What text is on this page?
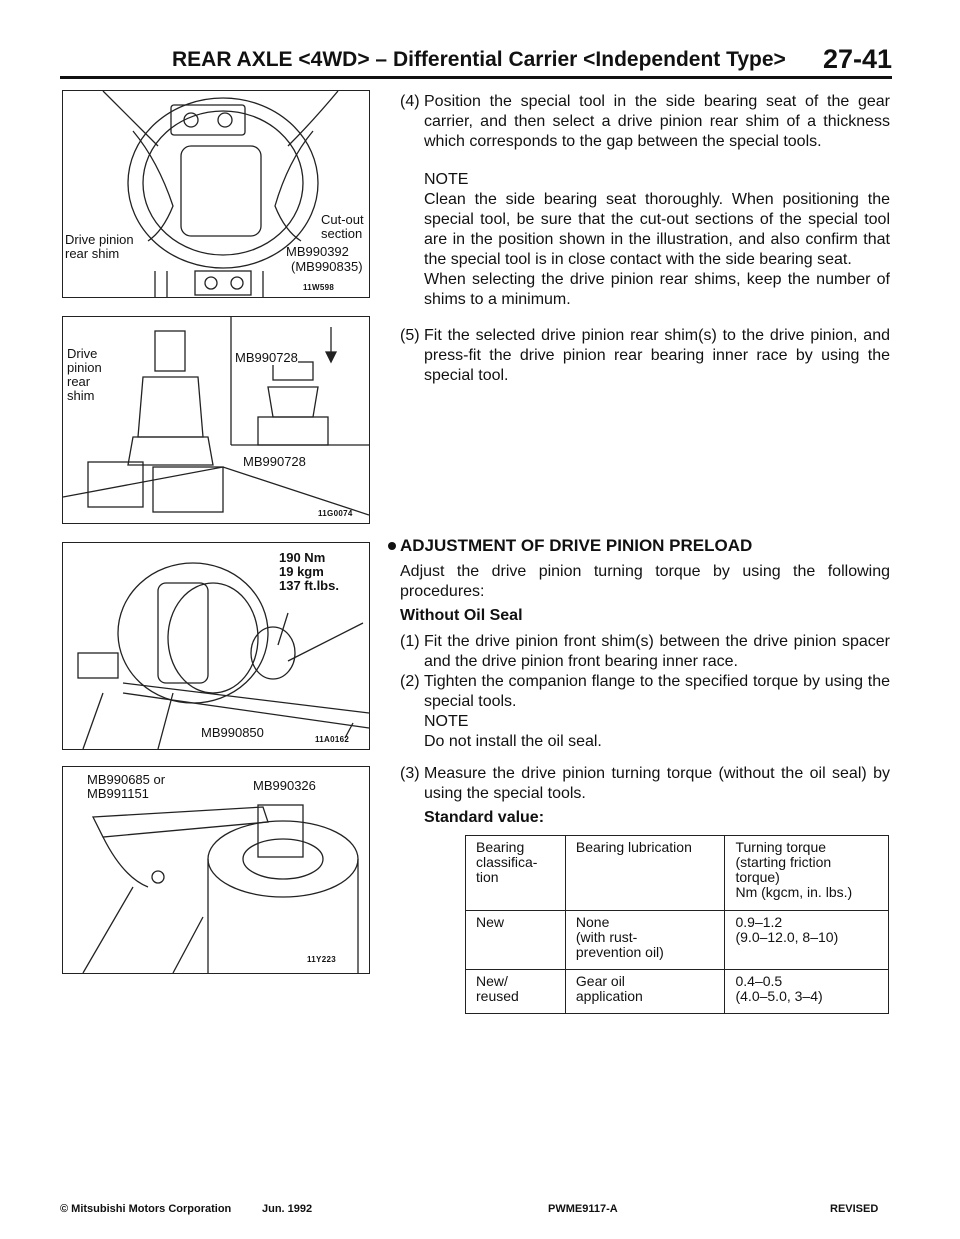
REAR AXLE <4WD> – Differential Carrier <Independent Type> 27-41
Drive pinion
rear shim
Cut-out
section
MB990392
(MB990835)
11W598
Drive
pinion
rear
shim
MB990728
MB990728
11G0074
190 Nm
19 kgm
137 ft.lbs.
MB990850	11A0162
MB990685 or
MB991151
MB990326
11Y223
(4) Position the special tool in the side bearing seat of the gear carrier, and then select a drive pinion rear shim of a thickness which corresponds to the gap between the special tools.
NOTE
Clean the side bearing seat thoroughly. When positioning the special tool, be sure that the cut-out sections of the special tool are in the position shown in the illustration, and also confirm that the special tool is in close contact with the side bearing seat.
When selecting the drive pinion rear shims, keep the number of shims to a minimum.
(5) Fit the selected drive pinion rear shim(s) to the drive pinion, and press-fit the drive pinion rear bearing inner race by using the special tool.
ADJUSTMENT OF DRIVE PINION PRELOAD
Adjust the drive pinion turning torque by using the following procedures:
Without Oil Seal
(1) Fit the drive pinion front shim(s) between the drive pinion spacer and the drive pinion front bearing inner race.
(2) Tighten the companion flange to the specified torque by using the special tools.
NOTE
Do not install the oil seal.
(3) Measure the drive pinion turning torque (without the oil seal) by using the special tools.
Standard value:
Bearing classifica-
tion	Bearing lubrication	Turning torque (starting friction torque)
Nm (kgcm, in. lbs.)
New	None
(with rust-
prevention oil)	0.9–1.2
(9.0–12.0, 8–10)
New/
reused	Gear oil
application	0.4–0.5
(4.0–5.0, 3–4)
© Mitsubishi Motors Corporation	Jun. 1992	PWME9117-A	REVISED
